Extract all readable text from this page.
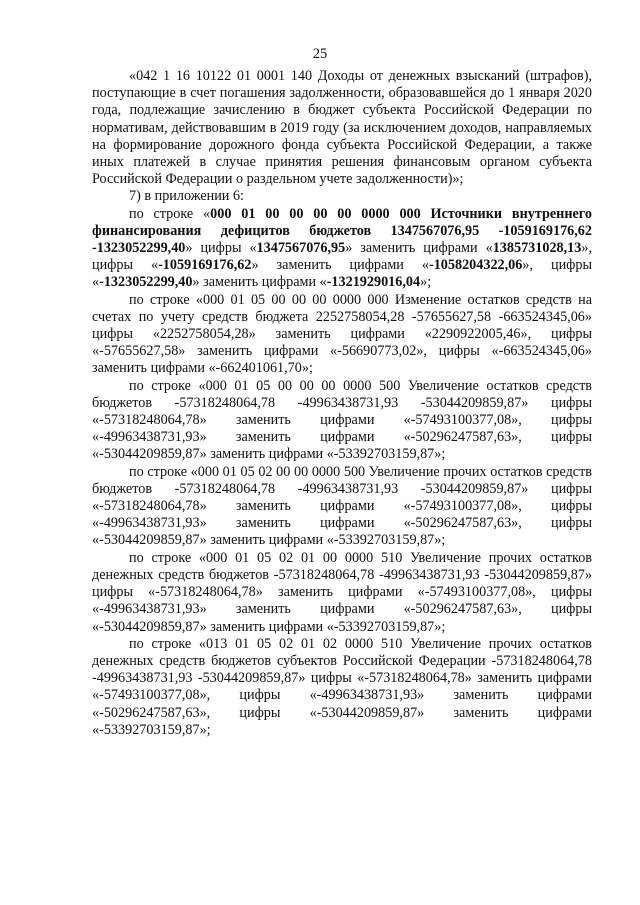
25

«042 1 16 10122 01 0001 140 Доходы от денежных взысканий (штрафов), поступающие в счет погашения задолженности, образовавшейся до 1 января 2020 года, подлежащие зачислению в бюджет субъекта Российской Федерации по нормативам, действовавшим в 2019 году (за исключением доходов, направляемых на формирование дорожного фонда субъекта Российской Федерации, а также иных платежей в случае принятия решения финансовым органом субъекта Российской Федерации о раздельном учете задолженности)»;

7) в приложении 6:

по строке «000 01 00 00 00 00 0000 000 Источники внутреннего финансирования дефицитов бюджетов 1347567076,95 -1059169176,62 -1323052299,40» цифры «1347567076,95» заменить цифрами «1385731028,13», цифры «-1059169176,62» заменить цифрами «-1058204322,06», цифры «-1323052299,40» заменить цифрами «-1321929016,04»;

по строке «000 01 05 00 00 00 0000 000 Изменение остатков средств на счетах по учету средств бюджета 2252758054,28 -57655627,58 -663524345,06» цифры «2252758054,28» заменить цифрами «2290922005,46», цифры «-57655627,58» заменить цифрами «-56690773,02», цифры «-663524345,06» заменить цифрами «-662401061,70»;

по строке «000 01 05 00 00 00 0000 500 Увеличение остатков средств бюджетов -57318248064,78 -49963438731,93 -53044209859,87» цифры «-57318248064,78» заменить цифрами «-57493100377,08», цифры «-49963438731,93» заменить цифрами «-50296247587,63», цифры «-53044209859,87» заменить цифрами «-53392703159,87»;

по строке «000 01 05 02 00 00 0000 500 Увеличение прочих остатков средств бюджетов -57318248064,78 -49963438731,93 -53044209859,87» цифры «-57318248064,78» заменить цифрами «-57493100377,08», цифры «-49963438731,93» заменить цифрами «-50296247587,63», цифры «-53044209859,87» заменить цифрами «-53392703159,87»;

по строке «000 01 05 02 01 00 0000 510 Увеличение прочих остатков денежных средств бюджетов -57318248064,78 -49963438731,93 -53044209859,87» цифры «-57318248064,78» заменить цифрами «-57493100377,08», цифры «-49963438731,93» заменить цифрами «-50296247587,63», цифры «-53044209859,87» заменить цифрами «-53392703159,87»;

по строке «013 01 05 02 01 02 0000 510 Увеличение прочих остатков денежных средств бюджетов субъектов Российской Федерации -57318248064,78 -49963438731,93 -53044209859,87» цифры «-57318248064,78» заменить цифрами «-57493100377,08», цифры «-49963438731,93» заменить цифрами «-50296247587,63», цифры «-53044209859,87» заменить цифрами «-53392703159,87»;
